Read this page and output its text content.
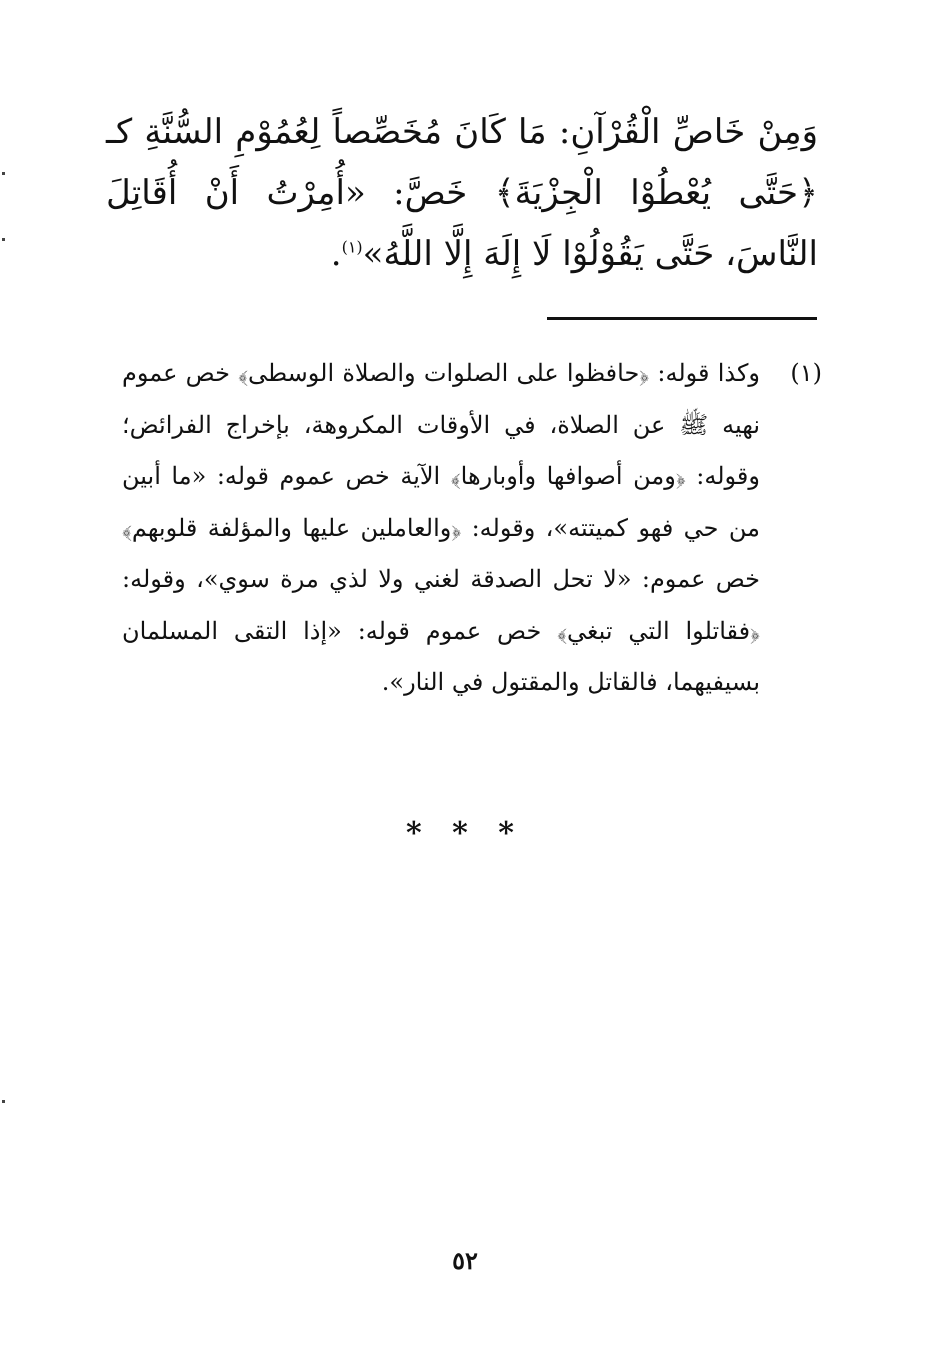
وَمِنْ خَاصِّ الْقُرْآنِ: مَا كَانَ مُخَصِّصاً لِعُمُوْمِ السُّنَّةِ كـ ﴿حَتَّى يُعْطُوْا الْجِزْيَةَ﴾ خَصَّ: «أُمِرْتُ أَنْ أُقَاتِلَ النَّاسَ، حَتَّى يَقُوْلُوْا لَا إِلَهَ إِلَّا اللَّهُ»$^{(١)}$.

(١)

وكذا قوله: ﴿حافظوا على الصلوات والصلاة الوسطى﴾ خص عموم نهيه ﷺ عن الصلاة، في الأوقات المكروهة، بإخراج الفرائض؛ وقوله: ﴿ومن أصوافها وأوبارها﴾ الآية خص عموم قوله: «ما أبين من حي فهو كميتته»، وقوله: ﴿والعاملين عليها والمؤلفة قلوبهم﴾ خص عموم: «لا تحل الصدقة لغني ولا لذي مرة سوي»، وقوله: ﴿فقاتلوا التي تبغي﴾ خص عموم قوله: «إذا التقى المسلمان بسيفيهما، فالقاتل والمقتول في النار».

* * *
٥٢
